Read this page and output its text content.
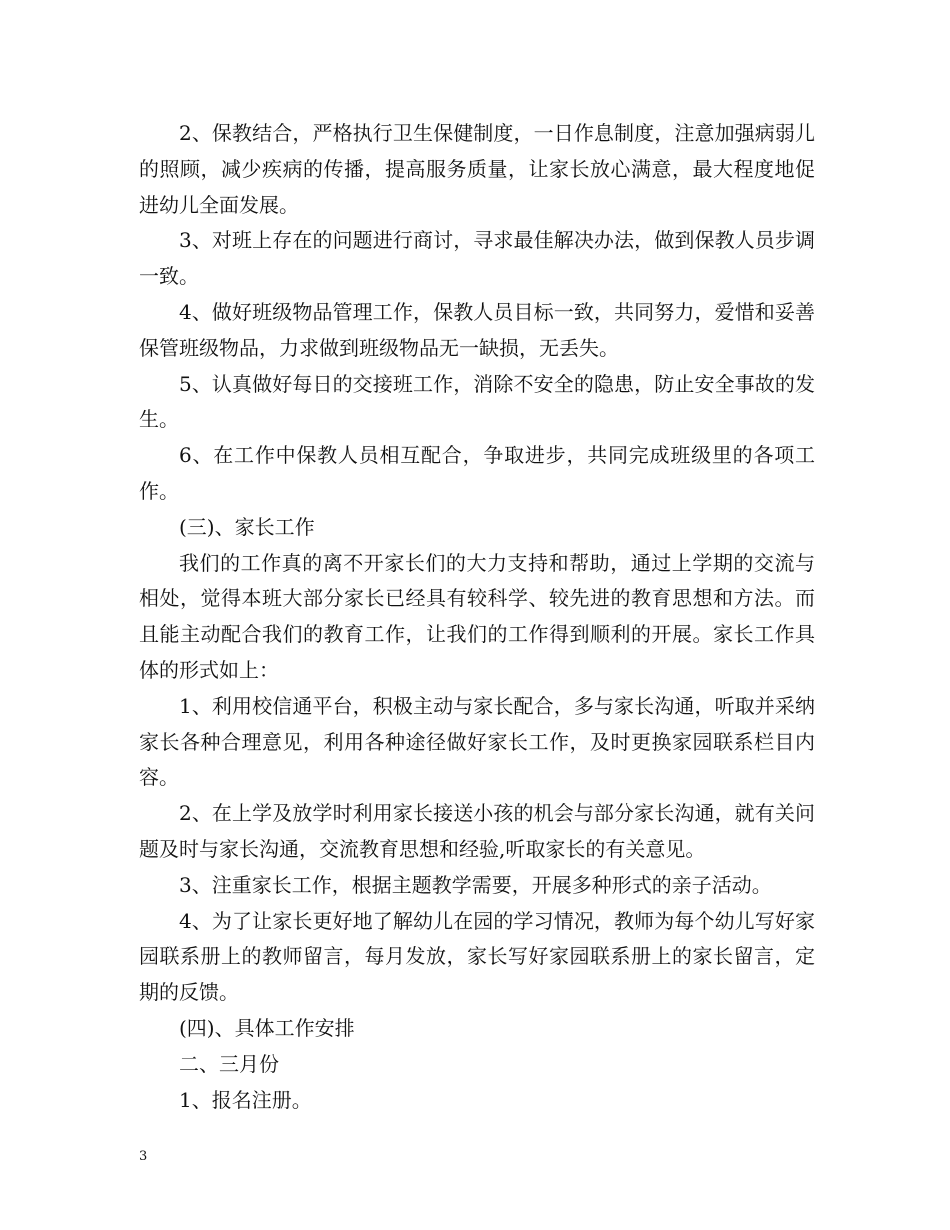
2、保教结合，严格执行卫生保健制度，一日作息制度，注意加强病弱儿的照顾，减少疾病的传播，提高服务质量，让家长放心满意，最大程度地促进幼儿全面发展。

3、对班上存在的问题进行商讨，寻求最佳解决办法，做到保教人员步调一致。

4、做好班级物品管理工作，保教人员目标一致，共同努力，爱惜和妥善保管班级物品，力求做到班级物品无一缺损，无丢失。

5、认真做好每日的交接班工作，消除不安全的隐患，防止安全事故的发生。

6、在工作中保教人员相互配合，争取进步，共同完成班级里的各项工作。

(三)、家长工作

我们的工作真的离不开家长们的大力支持和帮助，通过上学期的交流与相处，觉得本班大部分家长已经具有较科学、较先进的教育思想和方法。而且能主动配合我们的教育工作，让我们的工作得到顺利的开展。家长工作具体的形式如上：

1、利用校信通平台，积极主动与家长配合，多与家长沟通，听取并采纳家长各种合理意见，利用各种途径做好家长工作，及时更换家园联系栏目内容。

2、在上学及放学时利用家长接送小孩的机会与部分家长沟通，就有关问题及时与家长沟通，交流教育思想和经验,听取家长的有关意见。

3、注重家长工作，根据主题教学需要，开展多种形式的亲子活动。

4、为了让家长更好地了解幼儿在园的学习情况，教师为每个幼儿写好家园联系册上的教师留言，每月发放，家长写好家园联系册上的家长留言，定期的反馈。

(四)、具体工作安排

二、三月份

1、报名注册。

3
